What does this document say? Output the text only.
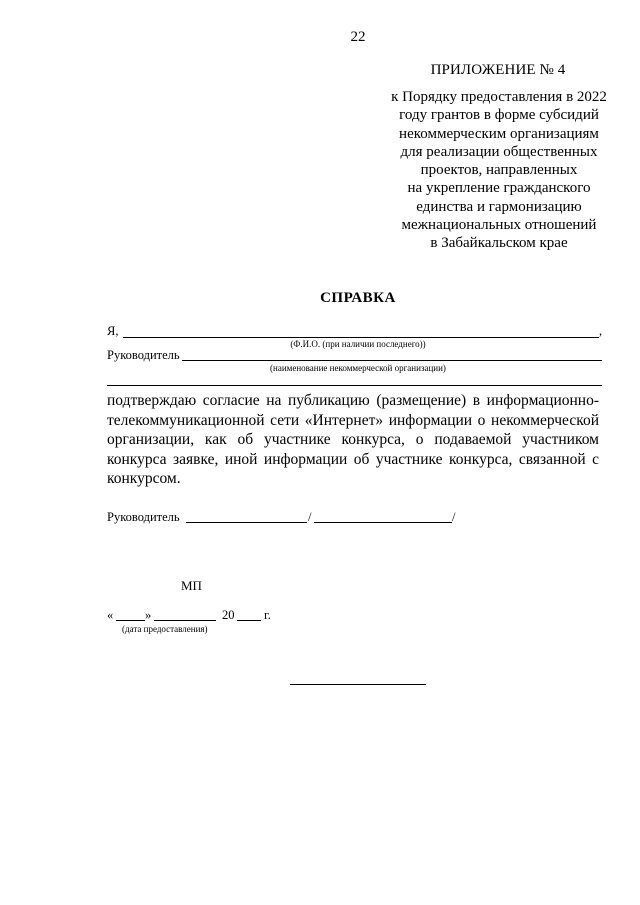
22
ПРИЛОЖЕНИЕ № 4
к Порядку предоставления в 2022
году грантов в форме субсидий
некоммерческим организациям
для реализации общественных
проектов, направленных
на укрепление гражданского
единства и гармонизацию
межнациональных отношений
в Забайкальском крае
СПРАВКА
Я,	,
(Ф.И.О. (при наличии последнего))
Руководитель
(наименование некоммерческой организации)
подтверждаю согласие на публикацию (размещение) в информационно-телекоммуникационной сети «Интернет» информации о некоммерческой организации, как об участнике конкурса, о подаваемой участником конкурса заявке, иной информации об участнике конкурса, связанной с конкурсом.
Руководитель	/	/
МП
«	»	20 г.
(дата предоставления)
